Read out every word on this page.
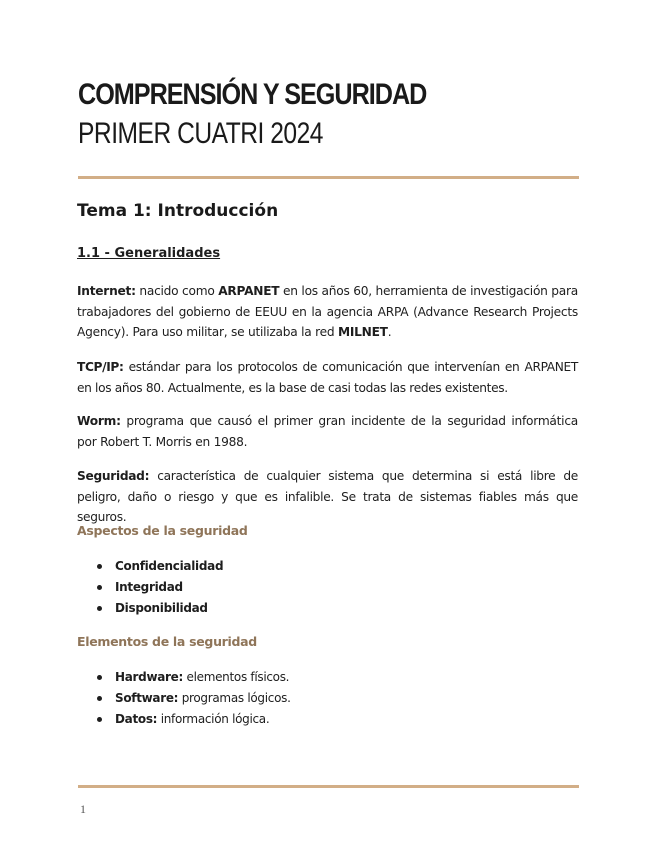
COMPRENSIÓN Y SEGURIDAD
PRIMER CUATRI 2024
Tema 1: Introducción
1.1 - Generalidades

Internet: nacido como ARPANET en los años 60, herramienta de investigación para trabajadores del gobierno de EEUU en la agencia ARPA (Advance Research Projects Agency). Para uso militar, se utilizaba la red MILNET.

TCP/IP: estándar para los protocolos de comunicación que intervenían en ARPANET en los años 80. Actualmente, es la base de casi todas las redes existentes.

Worm: programa que causó el primer gran incidente de la seguridad informática por Robert T. Morris en 1988.

Seguridad: característica de cualquier sistema que determina si está libre de peligro, daño o riesgo y que es infalible. Se trata de sistemas fiables más que seguros.

Aspectos de la seguridad
Confidencialidad
Integridad
Disponibilidad
Elementos de la seguridad
Hardware: elementos físicos.
Software: programas lógicos.
Datos: información lógica.
1
